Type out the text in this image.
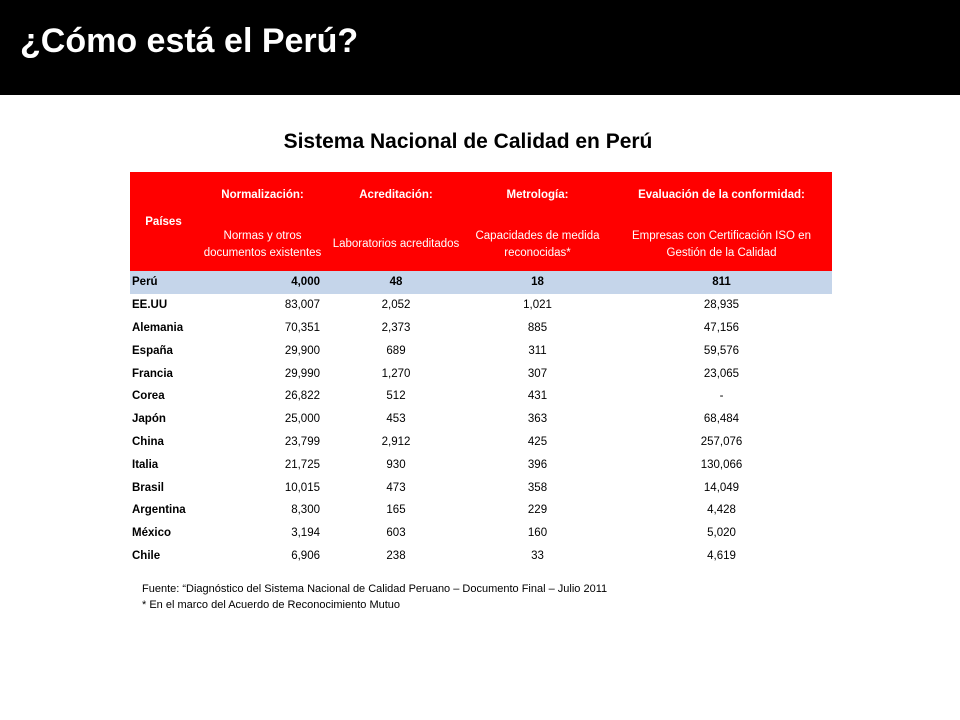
¿Cómo está el Perú?
Sistema Nacional de Calidad en Perú
Países	Normalización:	Acreditación:	Metrología:	Evaluación de la conformidad:
	Normas y otros documentos existentes	Laboratorios acreditados	Capacidades de medida reconocidas*	Empresas con Certificación ISO en Gestión de la Calidad
Perú	4,000	48	18	811
EE.UU	83,007	2,052	1,021	28,935
Alemania	70,351	2,373	885	47,156
España	29,900	689	311	59,576
Francia	29,990	1,270	307	23,065
Corea	26,822	512	431	-
Japón	25,000	453	363	68,484
China	23,799	2,912	425	257,076
Italia	21,725	930	396	130,066
Brasil	10,015	473	358	14,049
Argentina	8,300	165	229	4,428
México	3,194	603	160	5,020
Chile	6,906	238	33	4,619
Fuente: “Diagnóstico del Sistema Nacional de Calidad Peruano – Documento Final – Julio 2011
* En el marco del Acuerdo de Reconocimiento Mutuo
